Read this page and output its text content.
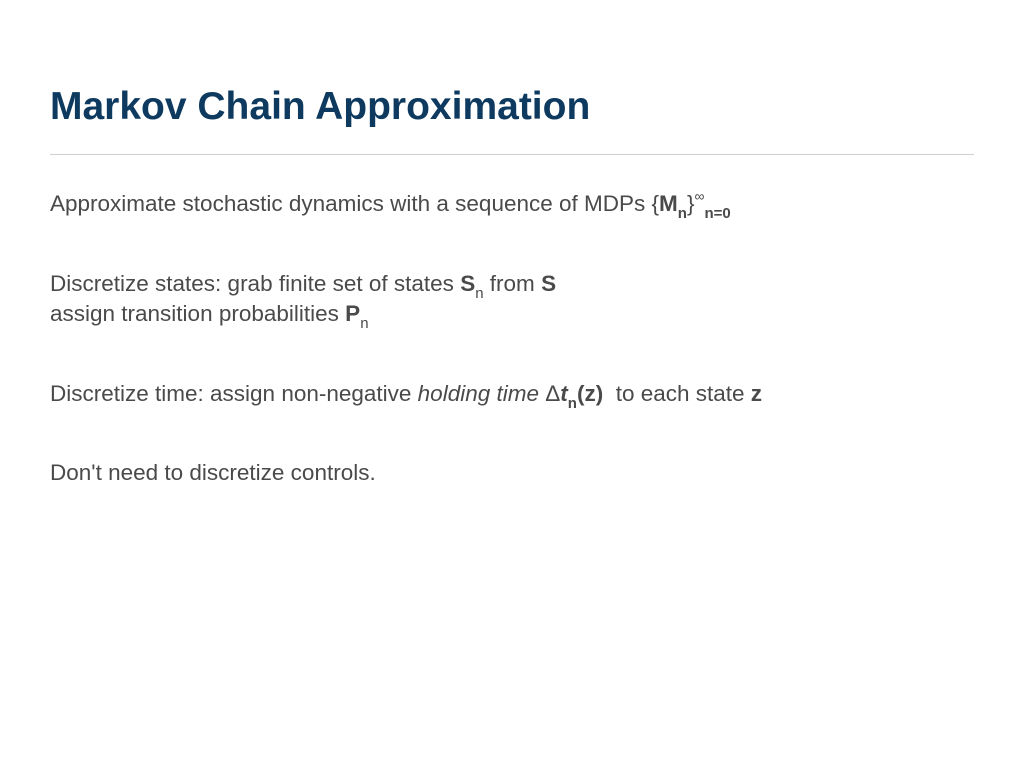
Markov Chain Approximation

Approximate stochastic dynamics with a sequence of MDPs $\{M_n\}^\infty_{n=0}$

Discretize states: grab finite set of states $S_n$ from S
assign transition probabilities $P_n$

Discretize time: assign non-negative holding time $\Delta t_n(z)$  to each state z

Don't need to discretize controls.
